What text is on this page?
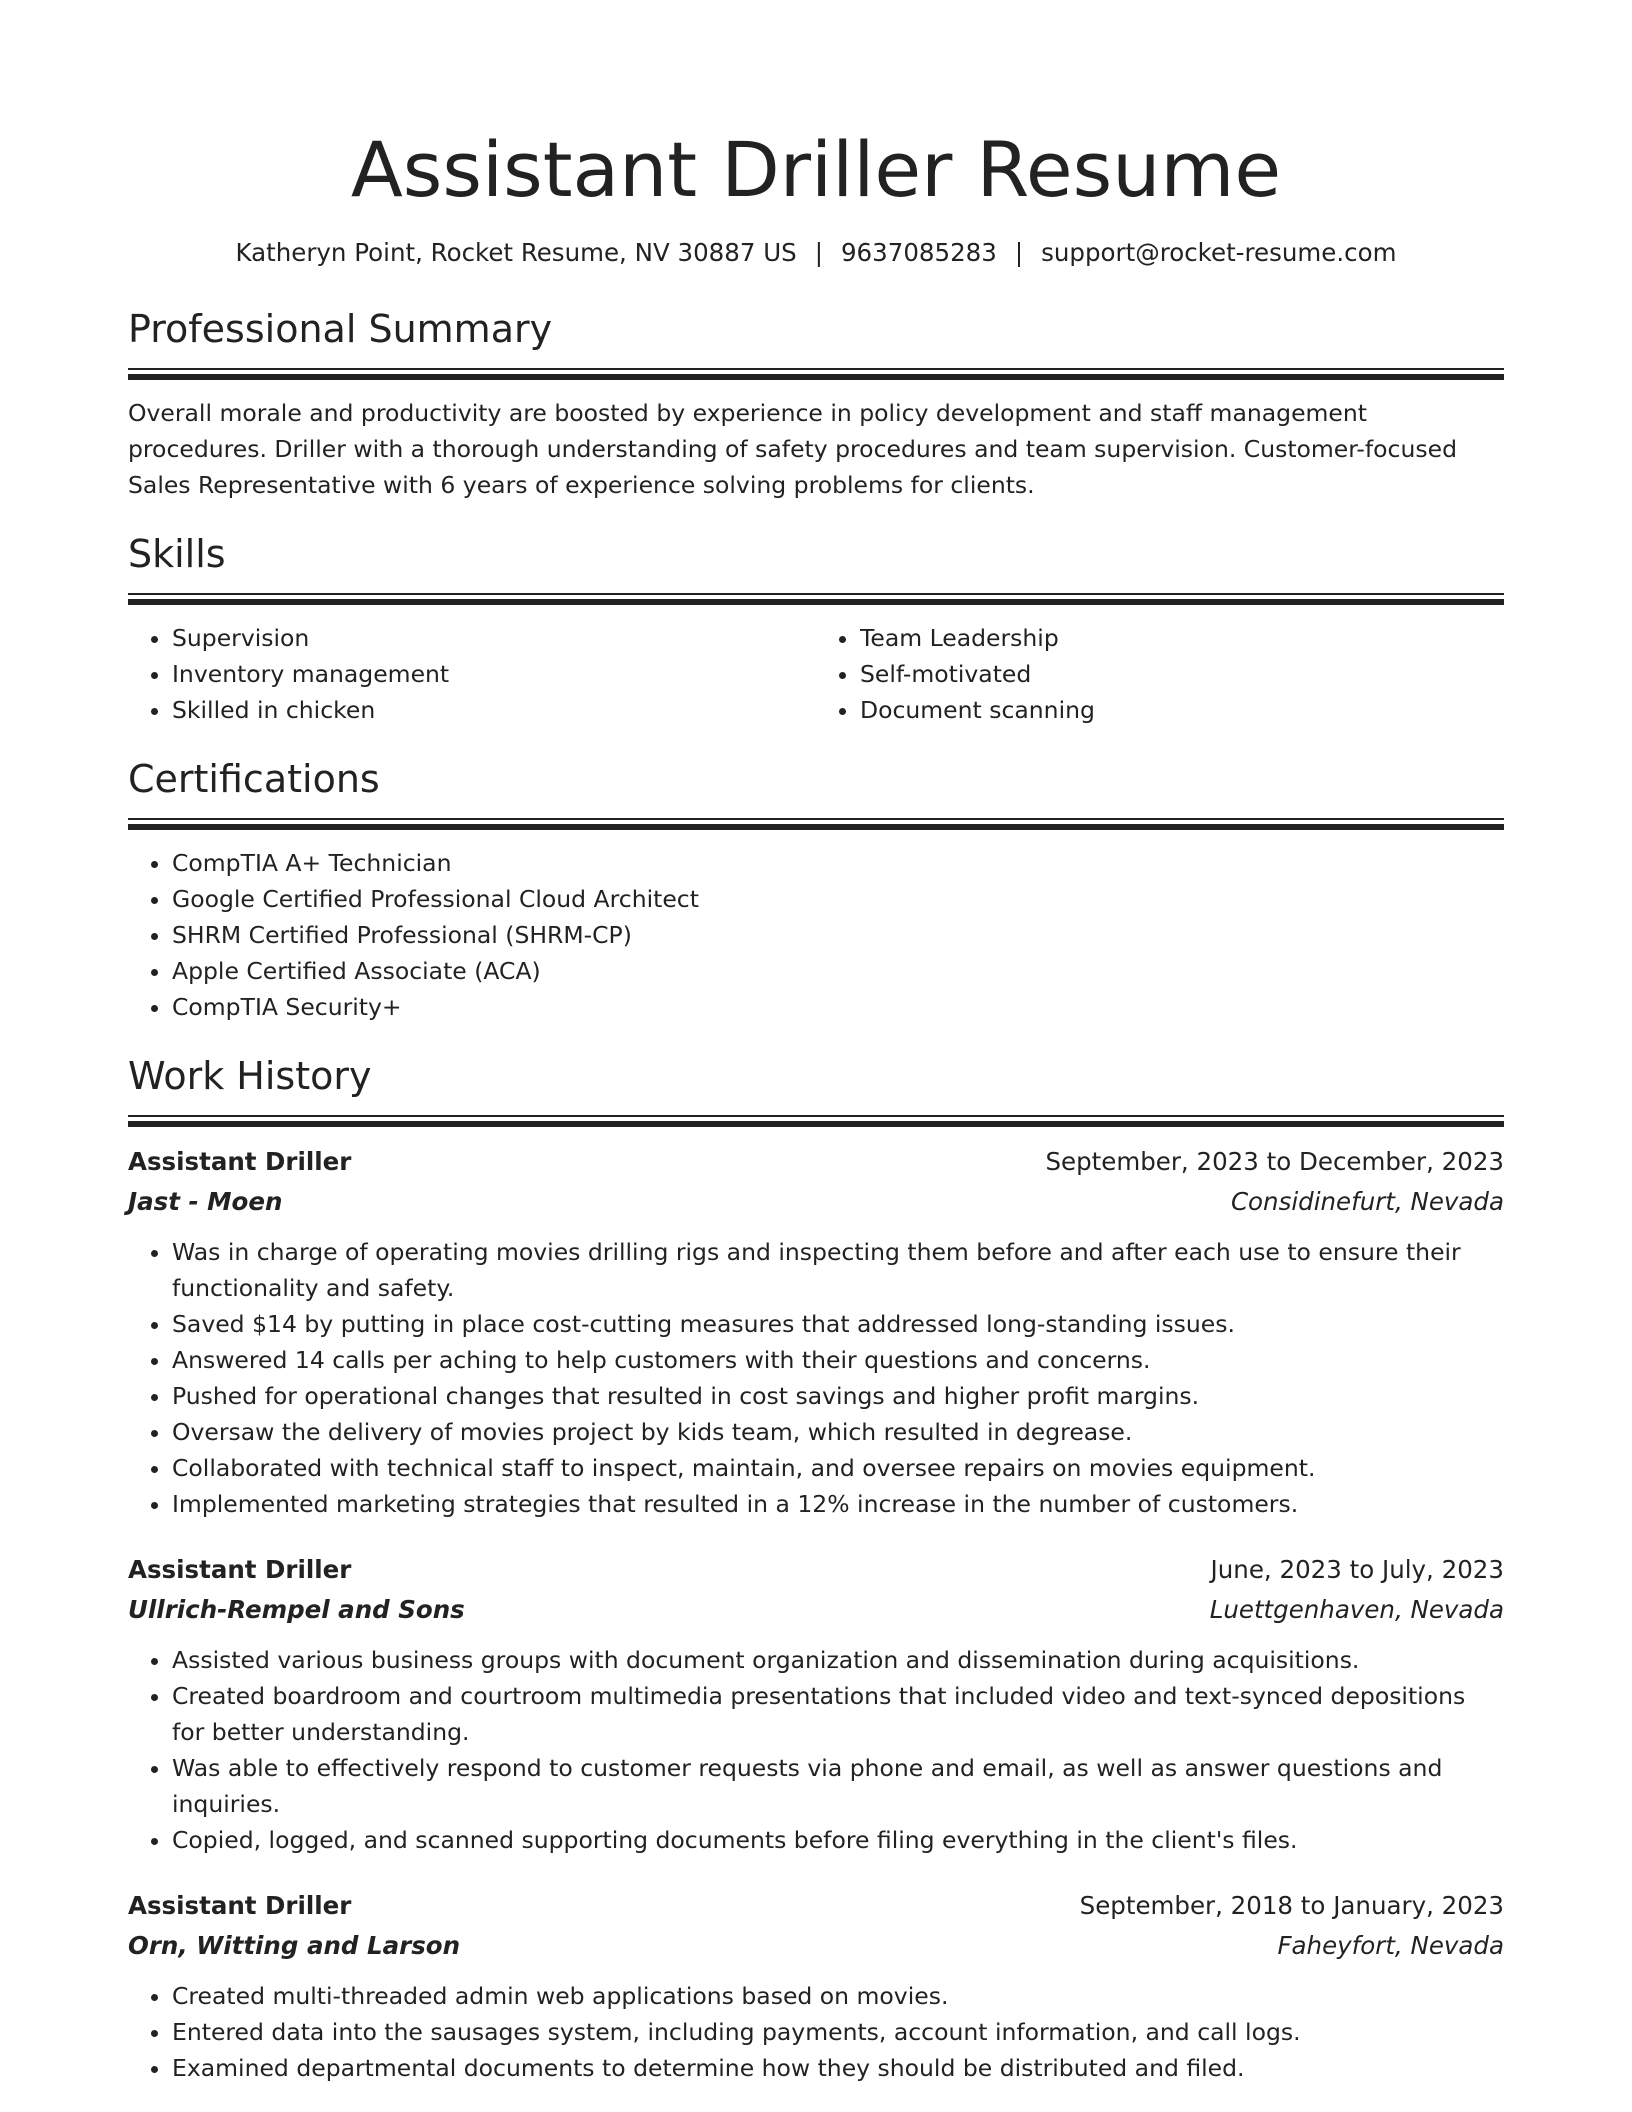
Assistant Driller Resume
Katheryn Point, Rocket Resume, NV 30887 US | 9637085283 | support@rocket-resume.com
Professional Summary
Overall morale and productivity are boosted by experience in policy development and staff management procedures. Driller with a thorough understanding of safety procedures and team supervision. Customer-focused Sales Representative with 6 years of experience solving problems for clients.
Skills
• Supervision
• Inventory management
• Skilled in chicken
• Team Leadership
• Self-motivated
• Document scanning
Certifications
• CompTIA A+ Technician
• Google Certified Professional Cloud Architect
• SHRM Certified Professional (SHRM-CP)
• Apple Certified Associate (ACA)
• CompTIA Security+
Work History
Assistant Driller	September, 2023 to December, 2023
Jast - Moen	Considinefurt, Nevada
• Was in charge of operating movies drilling rigs and inspecting them before and after each use to ensure their functionality and safety.
• Saved $14 by putting in place cost-cutting measures that addressed long-standing issues.
• Answered 14 calls per aching to help customers with their questions and concerns.
• Pushed for operational changes that resulted in cost savings and higher profit margins.
• Oversaw the delivery of movies project by kids team, which resulted in degrease.
• Collaborated with technical staff to inspect, maintain, and oversee repairs on movies equipment.
• Implemented marketing strategies that resulted in a 12% increase in the number of customers.
Assistant Driller	June, 2023 to July, 2023
Ullrich-Rempel and Sons	Luettgenhaven, Nevada
• Assisted various business groups with document organization and dissemination during acquisitions.
• Created boardroom and courtroom multimedia presentations that included video and text-synced depositions for better understanding.
• Was able to effectively respond to customer requests via phone and email, as well as answer questions and inquiries.
• Copied, logged, and scanned supporting documents before filing everything in the client's files.
Assistant Driller	September, 2018 to January, 2023
Orn, Witting and Larson	Faheyfort, Nevada
• Created multi-threaded admin web applications based on movies.
• Entered data into the sausages system, including payments, account information, and call logs.
• Examined departmental documents to determine how they should be distributed and filed.
